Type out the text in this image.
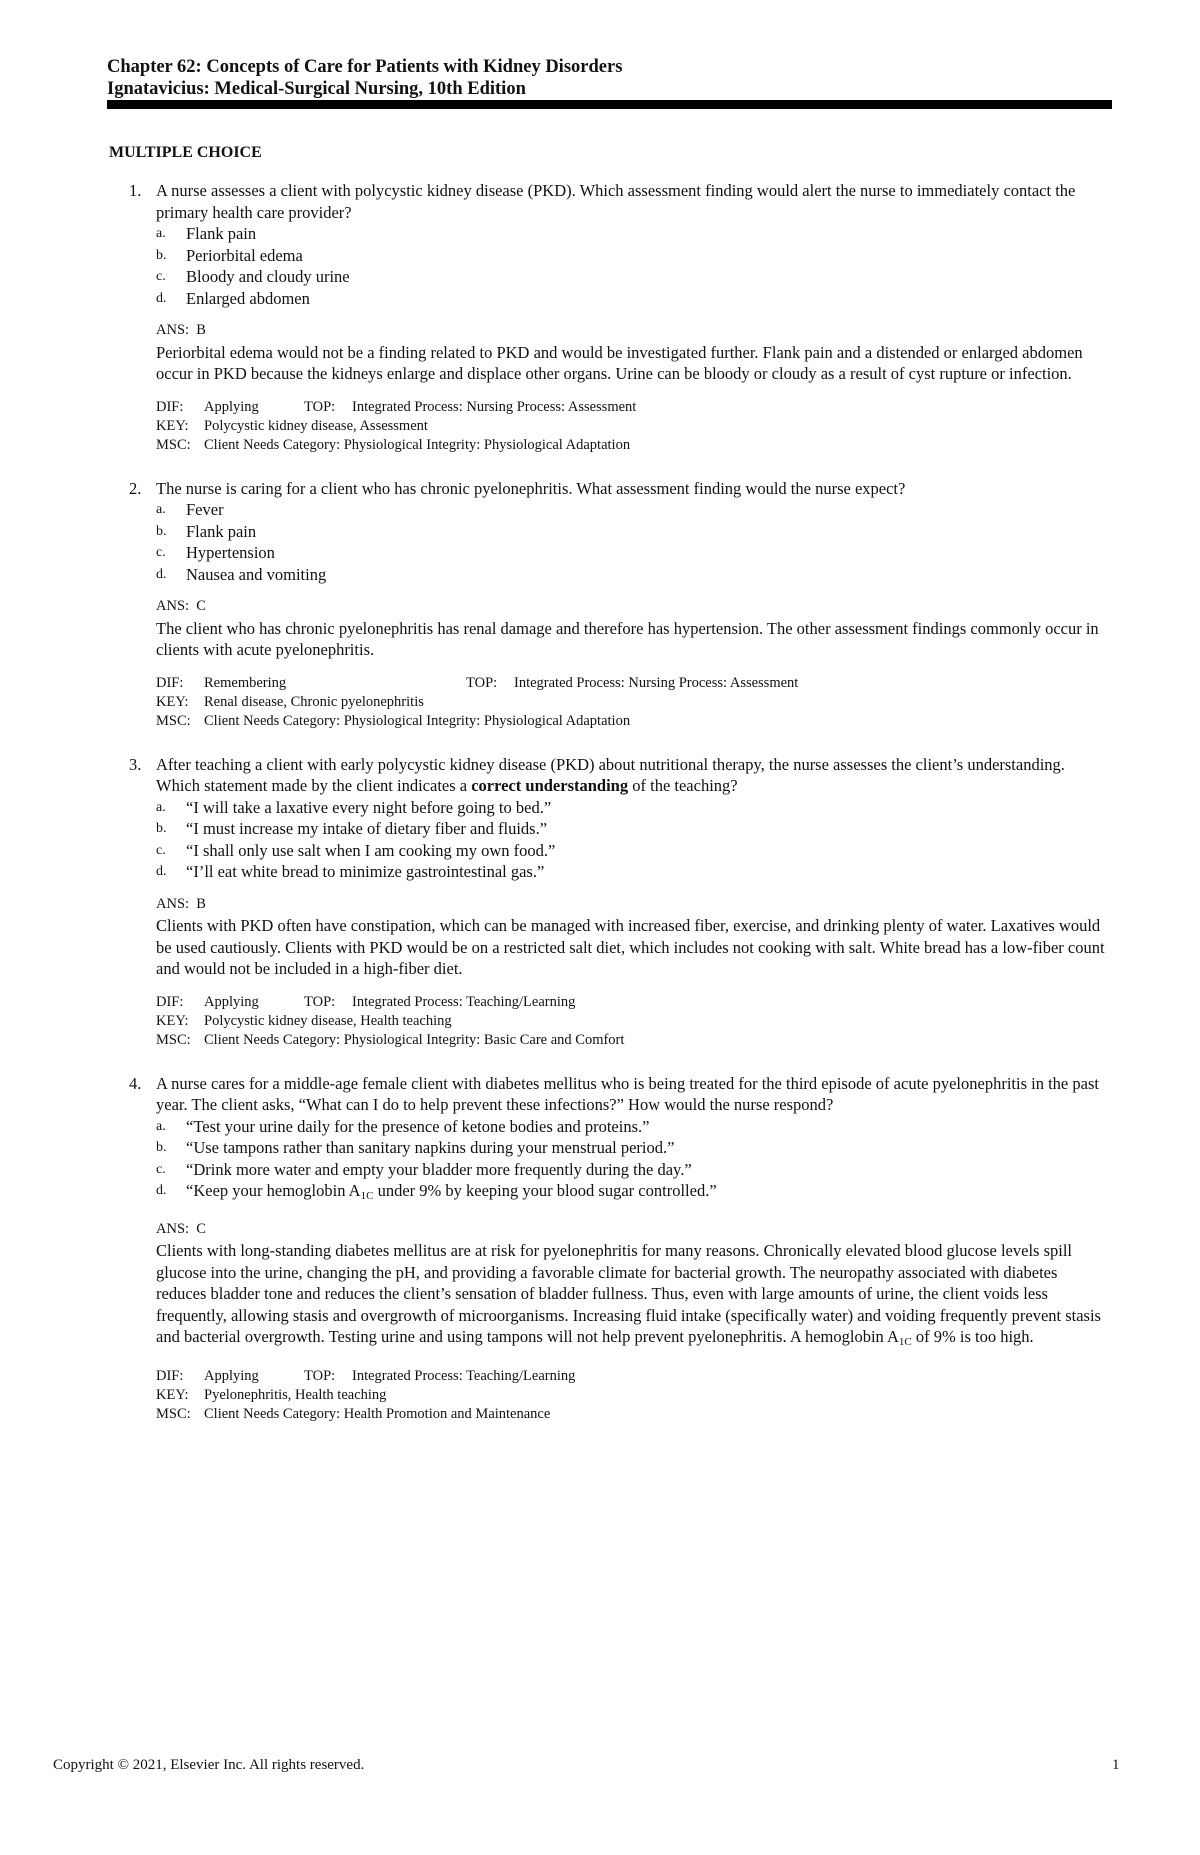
Chapter 62: Concepts of Care for Patients with Kidney Disorders
Ignatavicius: Medical-Surgical Nursing, 10th Edition
MULTIPLE CHOICE
1. A nurse assesses a client with polycystic kidney disease (PKD). Which assessment finding would alert the nurse to immediately contact the primary health care provider?

a. Flank pain
b. Periorbital edema
c. Bloody and cloudy urine
d. Enlarged abdomen
ANS: B

Periorbital edema would not be a finding related to PKD and would be investigated further. Flank pain and a distended or enlarged abdomen occur in PKD because the kidneys enlarge and displace other organs. Urine can be bloody or cloudy as a result of cyst rupture or infection.

DIF: Applying	TOP: Integrated Process: Nursing Process: Assessment
KEY: Polycystic kidney disease, Assessment
MSC: Client Needs Category: Physiological Integrity: Physiological Adaptation
2. The nurse is caring for a client who has chronic pyelonephritis. What assessment finding would the nurse expect?

a. Fever
b. Flank pain
c. Hypertension
d. Nausea and vomiting
ANS: C

The client who has chronic pyelonephritis has renal damage and therefore has hypertension. The other assessment findings commonly occur in clients with acute pyelonephritis.

DIF: Remembering	TOP: Integrated Process: Nursing Process: Assessment
KEY: Renal disease, Chronic pyelonephritis
MSC: Client Needs Category: Physiological Integrity: Physiological Adaptation
3. After teaching a client with early polycystic kidney disease (PKD) about nutritional therapy, the nurse assesses the client’s understanding. Which statement made by the client indicates a correct understanding of the teaching?

a. “I will take a laxative every night before going to bed.”
b. “I must increase my intake of dietary fiber and fluids.”
c. “I shall only use salt when I am cooking my own food.”
d. “I’ll eat white bread to minimize gastrointestinal gas.”
ANS: B

Clients with PKD often have constipation, which can be managed with increased fiber, exercise, and drinking plenty of water. Laxatives would be used cautiously. Clients with PKD would be on a restricted salt diet, which includes not cooking with salt. White bread has a low-fiber count and would not be included in a high-fiber diet.

DIF: Applying	TOP: Integrated Process: Teaching/Learning
KEY: Polycystic kidney disease, Health teaching
MSC: Client Needs Category: Physiological Integrity: Basic Care and Comfort
4. A nurse cares for a middle-age female client with diabetes mellitus who is being treated for the third episode of acute pyelonephritis in the past year. The client asks, “What can I do to help prevent these infections?” How would the nurse respond?

a. “Test your urine daily for the presence of ketone bodies and proteins.”
b. “Use tampons rather than sanitary napkins during your menstrual period.”
c. “Drink more water and empty your bladder more frequently during the day.”
d. “Keep your hemoglobin $A_{1C}$ under 9% by keeping your blood sugar controlled.”
ANS: C

Clients with long-standing diabetes mellitus are at risk for pyelonephritis for many reasons. Chronically elevated blood glucose levels spill glucose into the urine, changing the pH, and providing a favorable climate for bacterial growth. The neuropathy associated with diabetes reduces bladder tone and reduces the client’s sensation of bladder fullness. Thus, even with large amounts of urine, the client voids less frequently, allowing stasis and overgrowth of microorganisms. Increasing fluid intake (specifically water) and voiding frequently prevent stasis and bacterial overgrowth. Testing urine and using tampons will not help prevent pyelonephritis. A hemoglobin $A_{1C}$ of 9% is too high.

DIF: Applying	TOP: Integrated Process: Teaching/Learning
KEY: Pyelonephritis, Health teaching
MSC: Client Needs Category: Health Promotion and Maintenance
Copyright © 2021, Elsevier Inc. All rights reserved.	1
